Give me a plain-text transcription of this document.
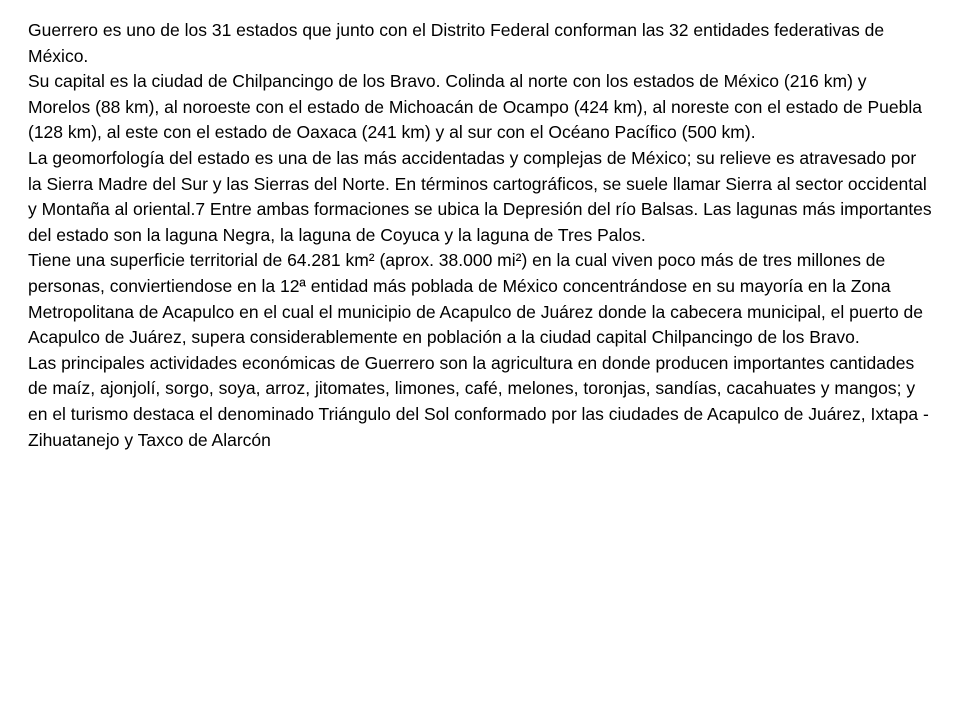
Guerrero es uno de los 31 estados que junto con el Distrito Federal conforman las 32 entidades federativas de México.

Su capital es la ciudad de Chilpancingo de los Bravo. Colinda al norte con los estados de México (216 km) y Morelos (88 km), al noroeste con el estado de Michoacán de Ocampo (424 km), al noreste con el estado de Puebla (128 km), al este con el estado de Oaxaca (241 km) y al sur con el Océano Pacífico (500 km).

La geomorfología del estado es una de las más accidentadas y complejas de México; su relieve es atravesado por la Sierra Madre del Sur y las Sierras del Norte. En términos cartográficos, se suele llamar Sierra al sector occidental y Montaña al oriental.7 Entre ambas formaciones se ubica la Depresión del río Balsas. Las lagunas más importantes del estado son la laguna Negra, la laguna de Coyuca y la laguna de Tres Palos.

Tiene una superficie territorial de 64.281 km² (aprox. 38.000 mi²) en la cual viven poco más de tres millones de personas, conviertiendose en la 12ª entidad más poblada de México concentrándose en su mayoría en la Zona Metropolitana de Acapulco en el cual el municipio de Acapulco de Juárez donde la cabecera municipal, el puerto de Acapulco de Juárez, supera considerablemente en población a la ciudad capital Chilpancingo de los Bravo.

Las principales actividades económicas de Guerrero son la agricultura en donde producen importantes cantidades de maíz, ajonjolí, sorgo, soya, arroz, jitomates, limones, café, melones, toronjas, sandías, cacahuates y mangos; y en el turismo destaca el denominado Triángulo del Sol conformado por las ciudades de Acapulco de Juárez, Ixtapa - Zihuatanejo y Taxco de Alarcón
